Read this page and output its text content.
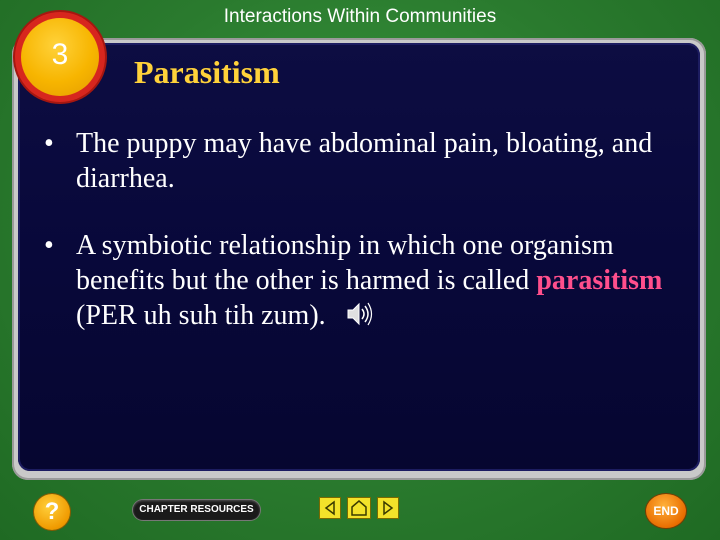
Interactions Within Communities
3	Parasitism
• The puppy may have abdominal pain, bloating, and diarrhea.
• A symbiotic relationship in which one organism benefits but the other is harmed is called parasitism (PER uh suh tih zum).
?	CHAPTER RESOURCES	END
